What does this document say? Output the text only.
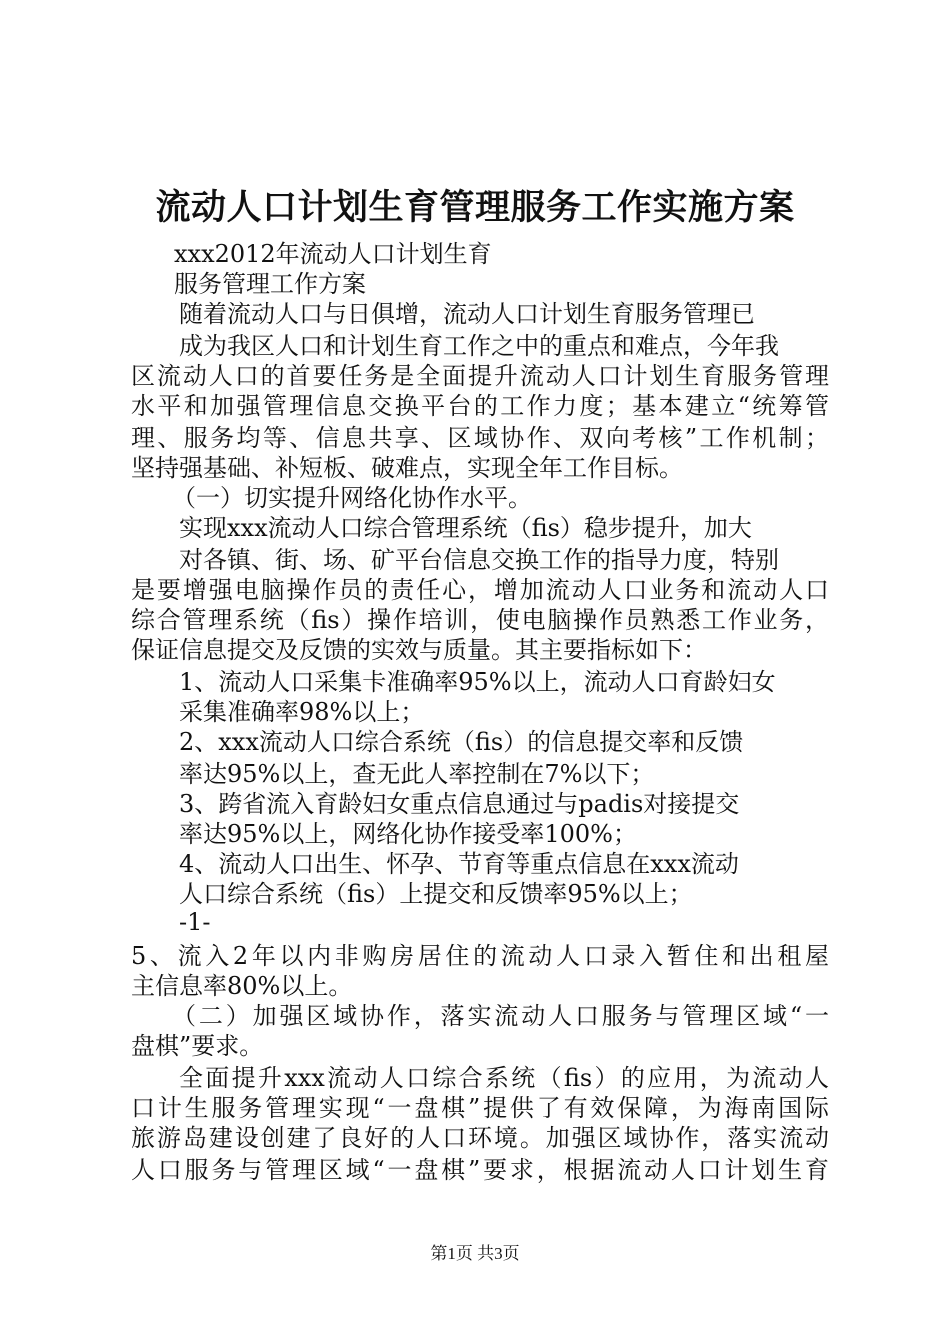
流动人口计划生育管理服务工作实施方案
xxx2012年流动人口计划生育
服务管理工作方案
随着流动人口与日俱增，流动人口计划生育服务管理已
成为我区人口和计划生育工作之中的重点和难点，今年我
区流动人口的首要任务是全面提升流动人口计划生育服务管理
水平和加强管理信息交换平台的工作力度；基本建立“统筹管
理、服务均等、信息共享、区域协作、双向考核”工作机制；
坚持强基础、补短板、破难点，实现全年工作目标。
（一）切实提升网络化协作水平。
实现xxx流动人口综合管理系统（fis）稳步提升，加大
对各镇、街、场、矿平台信息交换工作的指导力度，特别
是要增强电脑操作员的责任心，增加流动人口业务和流动人口
综合管理系统（fis）操作培训，使电脑操作员熟悉工作业务，
保证信息提交及反馈的实效与质量。其主要指标如下：
1、流动人口采集卡准确率95%以上，流动人口育龄妇女
采集准确率98%以上；
2、xxx流动人口综合系统（fis）的信息提交率和反馈
率达95%以上，查无此人率控制在7%以下；
3、跨省流入育龄妇女重点信息通过与padis对接提交
率达95%以上，网络化协作接受率100%；
4、流动人口出生、怀孕、节育等重点信息在xxx流动
人口综合系统（fis）上提交和反馈率95%以上；
-1-
5、流入2年以内非购房居住的流动人口录入暂住和出租屋
主信息率80%以上。
（二）加强区域协作，落实流动人口服务与管理区域“一
盘棋”要求。
全面提升xxx流动人口综合系统（fis）的应用，为流动人
口计生服务管理实现“一盘棋”提供了有效保障，为海南国际
旅游岛建设创建了良好的人口环境。加强区域协作，落实流动
人口服务与管理区域“一盘棋”要求，根据流动人口计划生育
第1页 共3页
